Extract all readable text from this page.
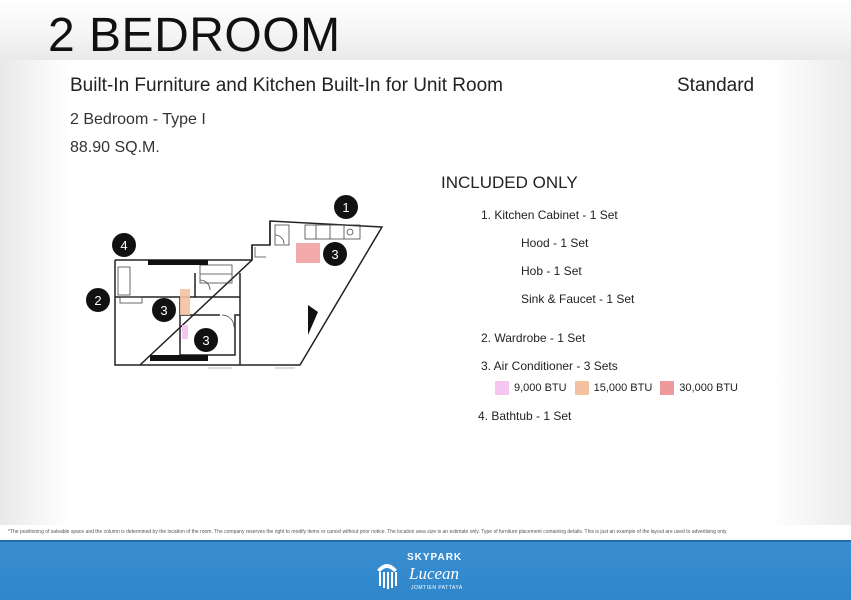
2 BEDROOM
Built-In Furniture and Kitchen Built-In for Unit Room	Standard
2 Bedroom - Type I
88.90 SQ.M.
1
2
3
3
3
4
INCLUDED ONLY
1. Kitchen Cabinet - 1 Set
Hood - 1 Set
Hob - 1 Set
Sink & Faucet - 1 Set
2. Wardrobe - 1 Set
3. Air Conditioner - 3 Sets
9,000 BTU 15,000 BTU 30,000 BTU
4. Bathtub - 1 Set
*The positioning of saleable space and the column is determined by the location of the room. The company reserves the right to modify items or cancel without prior notice. The location area size is an estimate only. Type of furniture placement containing details. This is just an example of the layout are used to advertising only.
SKYPARK
Lucean
JOMTIEN PATTAYA
